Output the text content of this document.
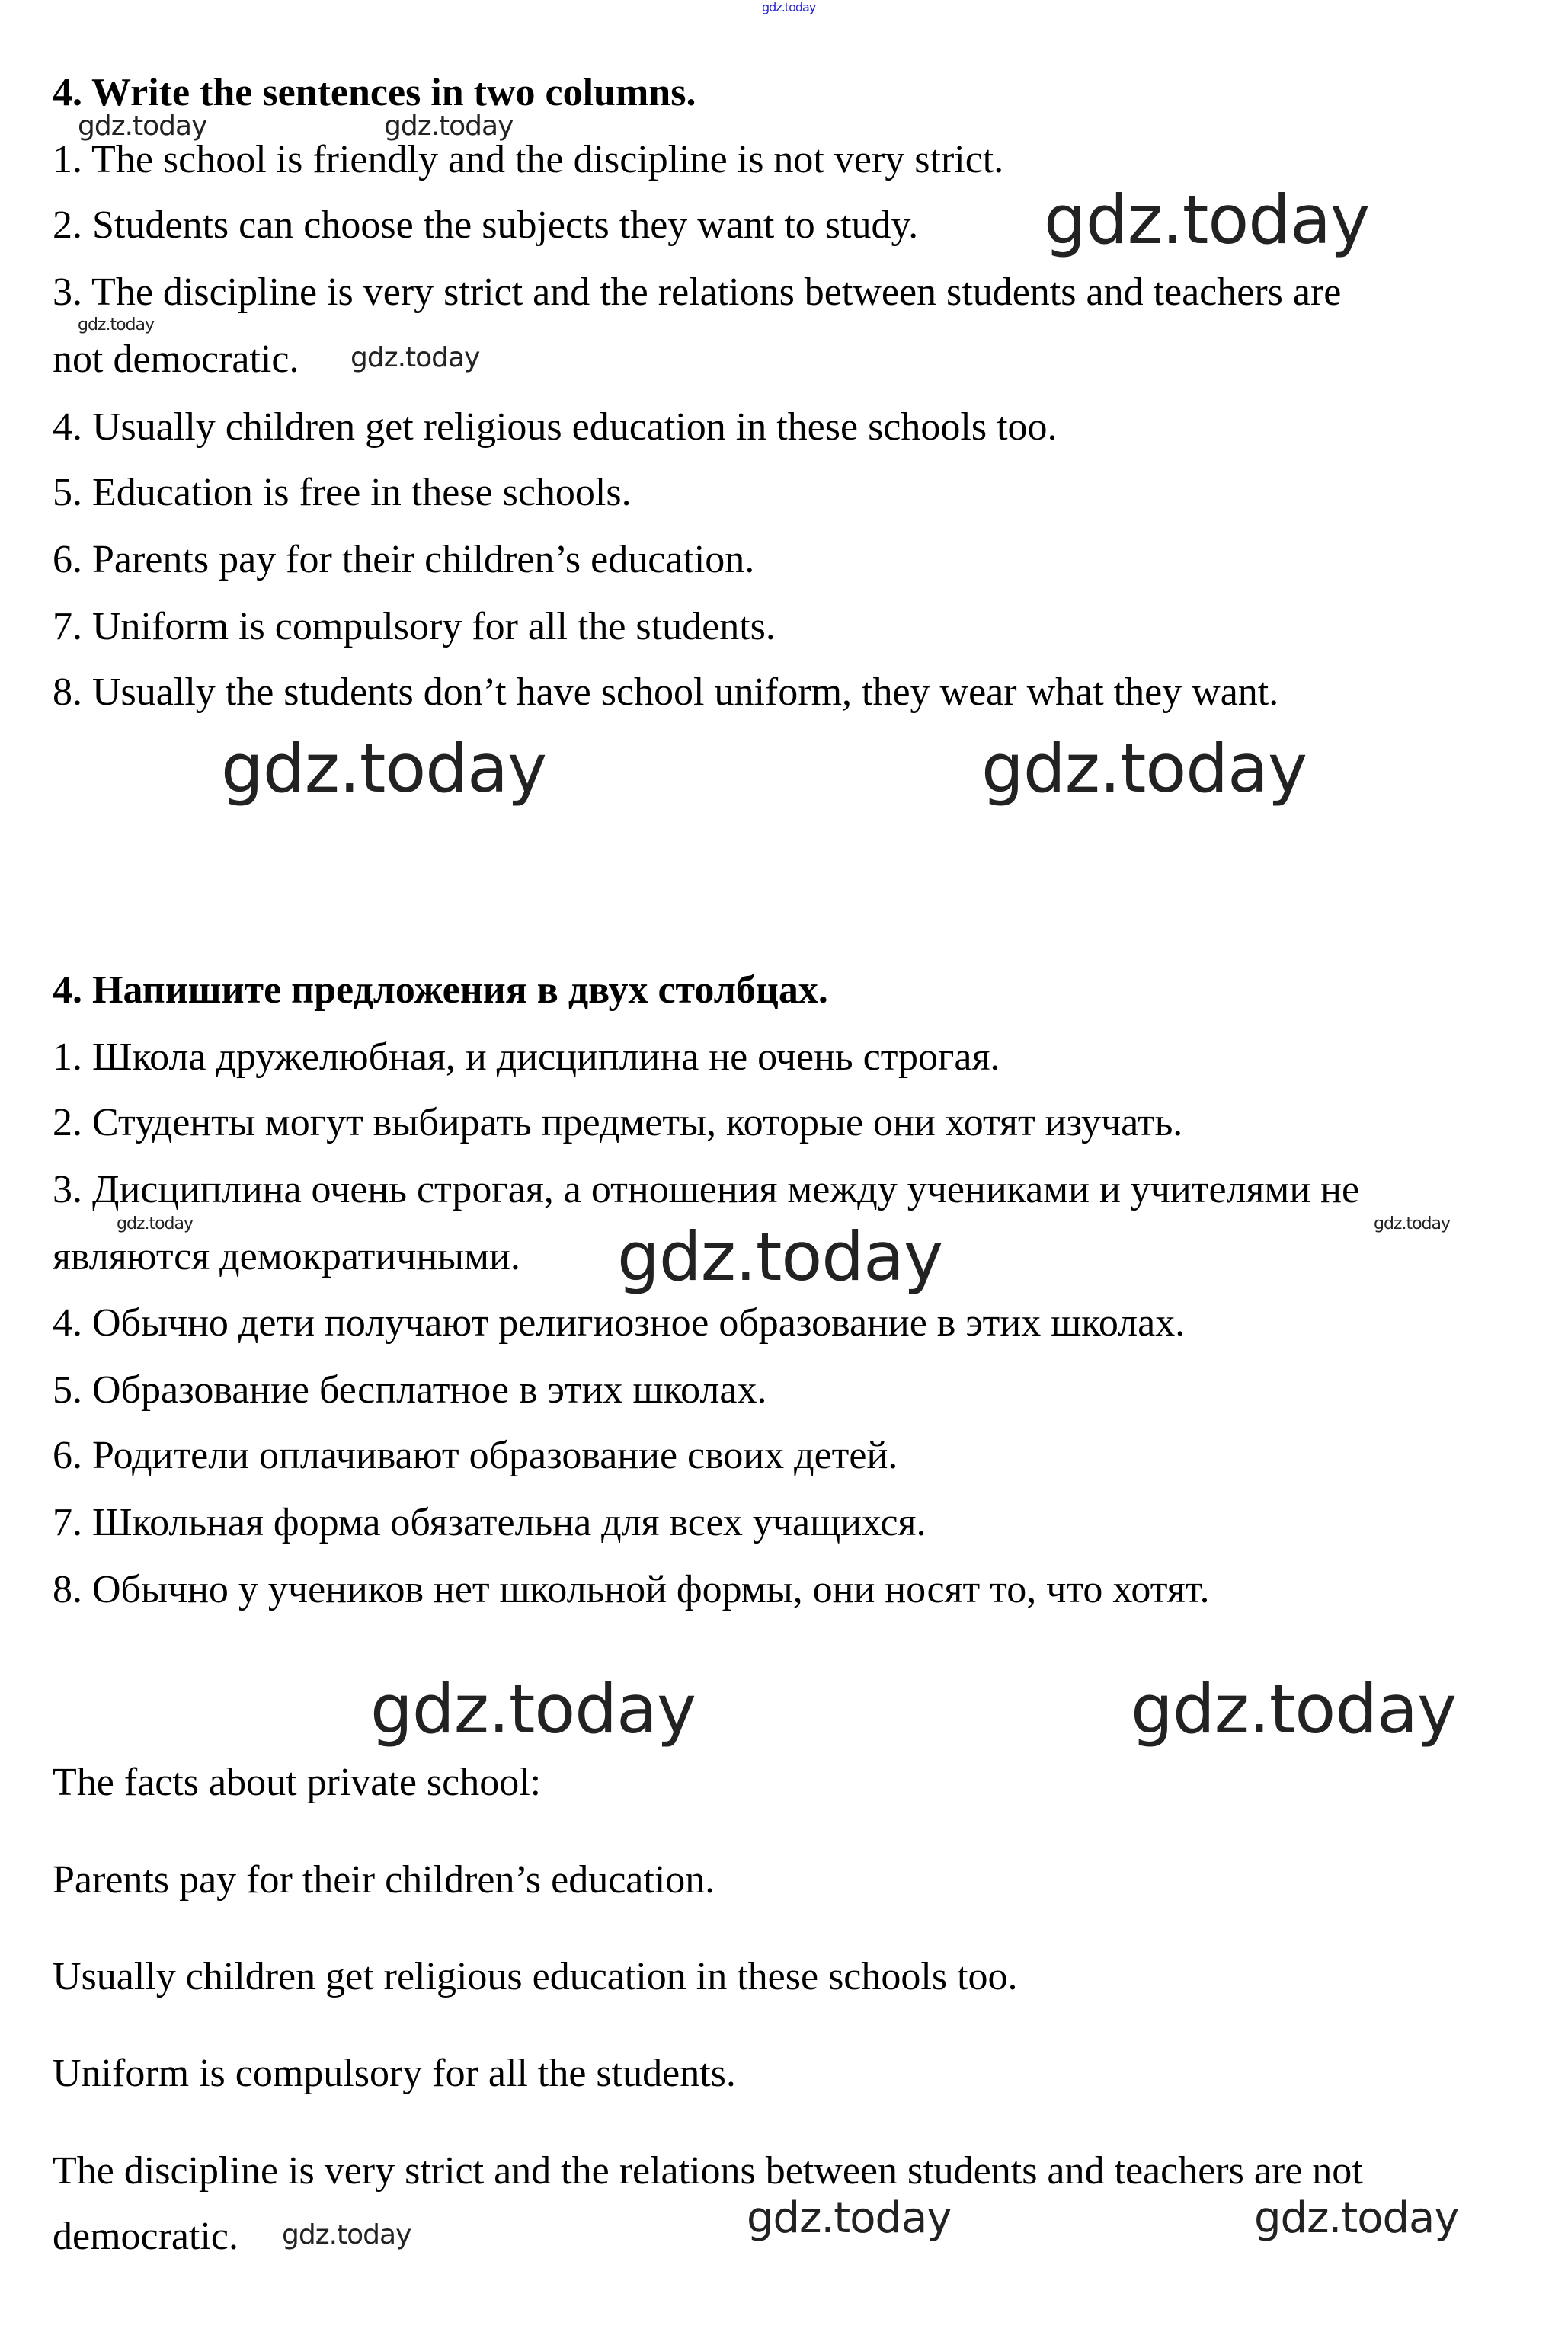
4. Write the sentences in two columns.
1. The school is friendly and the discipline is not very strict.
2. Students can choose the subjects they want to study.
3. The discipline is very strict and the relations between students and teachers are
not democratic.
4. Usually children get religious education in these schools too.
5. Education is free in these schools.
6. Parents pay for their children’s education.
7. Uniform is compulsory for all the students.
8. Usually the students don’t have school uniform, they wear what they want.
4. Напишите предложения в двух столбцах.
1. Школа дружелюбная, и дисциплина не очень строгая.
2. Студенты могут выбирать предметы, которые они хотят изучать.
3. Дисциплина очень строгая, а отношения между учениками и учителями не
являются демократичными.
4. Обычно дети получают религиозное образование в этих школах.
5. Образование бесплатное в этих школах.
6. Родители оплачивают образование своих детей.
7. Школьная форма обязательна для всех учащихся.
8. Обычно у учеников нет школьной формы, они носят то, что хотят.
The facts about private school:
Parents pay for their children’s education.
Usually children get religious education in these schools too.
Uniform is compulsory for all the students.
The discipline is very strict and the relations between students and teachers are not
democratic.
gdz.today
gdz.today	gdz.today
gdz.today
gdz.today
gdz.today
gdz.today	gdz.today
gdz.today	gdz.today	gdz.today
gdz.today	gdz.today
gdz.today	gdz.today	gdz.today
